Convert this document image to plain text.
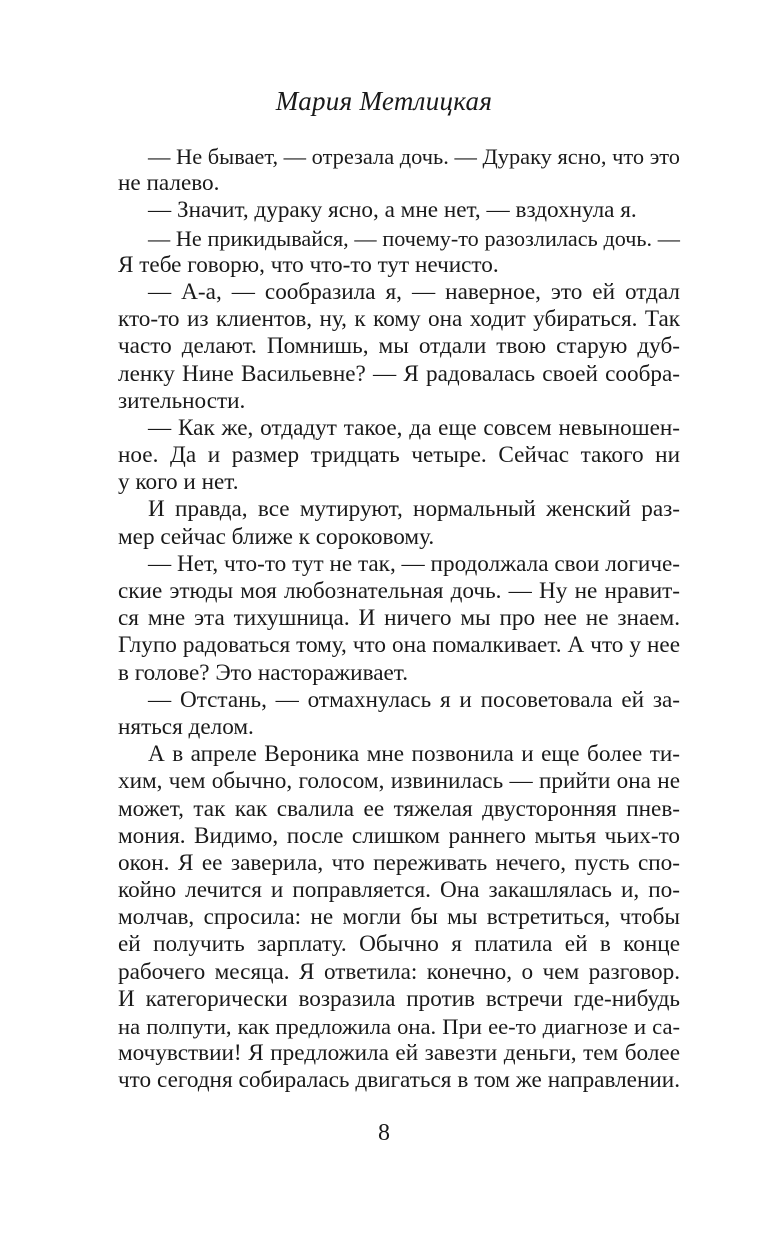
Мария Метлицкая
— Не бывает, — отрезала дочь. — Дураку ясно, что это
не палево.
— Значит, дураку ясно, а мне нет, — вздохнула я.
— Не прикидывайся, — почему-то разозлилась дочь. —
Я тебе говорю, что что-то тут нечисто.
— А-а, — сообразила я, — наверное, это ей отдал
кто-то из клиентов, ну, к кому она ходит убираться. Так
часто делают. Помнишь, мы отдали твою старую дуб-
ленку Нине Васильевне? — Я радовалась своей сообра-
зительности.
— Как же, отдадут такое, да еще совсем невыношен-
ное. Да и размер тридцать четыре. Сейчас такого ни
у кого и нет.
И правда, все мутируют, нормальный женский раз-
мер сейчас ближе к сороковому.
— Нет, что-то тут не так, — продолжала свои логиче-
ские этюды моя любознательная дочь. — Ну не нравит-
ся мне эта тихушница. И ничего мы про нее не знаем.
Глупо радоваться тому, что она помалкивает. А что у нее
в голове? Это настораживает.
— Отстань, — отмахнулась я и посоветовала ей за-
няться делом.
А в апреле Вероника мне позвонила и еще более ти-
хим, чем обычно, голосом, извинилась — прийти она не
может, так как свалила ее тяжелая двусторонняя пнев-
мония. Видимо, после слишком раннего мытья чьих-то
окон. Я ее заверила, что переживать нечего, пусть спо-
койно лечится и поправляется. Она закашлялась и, по-
молчав, спросила: не могли бы мы встретиться, чтобы
ей получить зарплату. Обычно я платила ей в конце
рабочего месяца. Я ответила: конечно, о чем разговор.
И категорически возразила против встречи где-нибудь
на полпути, как предложила она. При ее-то диагнозе и са-
мочувствии! Я предложила ей завезти деньги, тем более
что сегодня собиралась двигаться в том же направлении.
8
